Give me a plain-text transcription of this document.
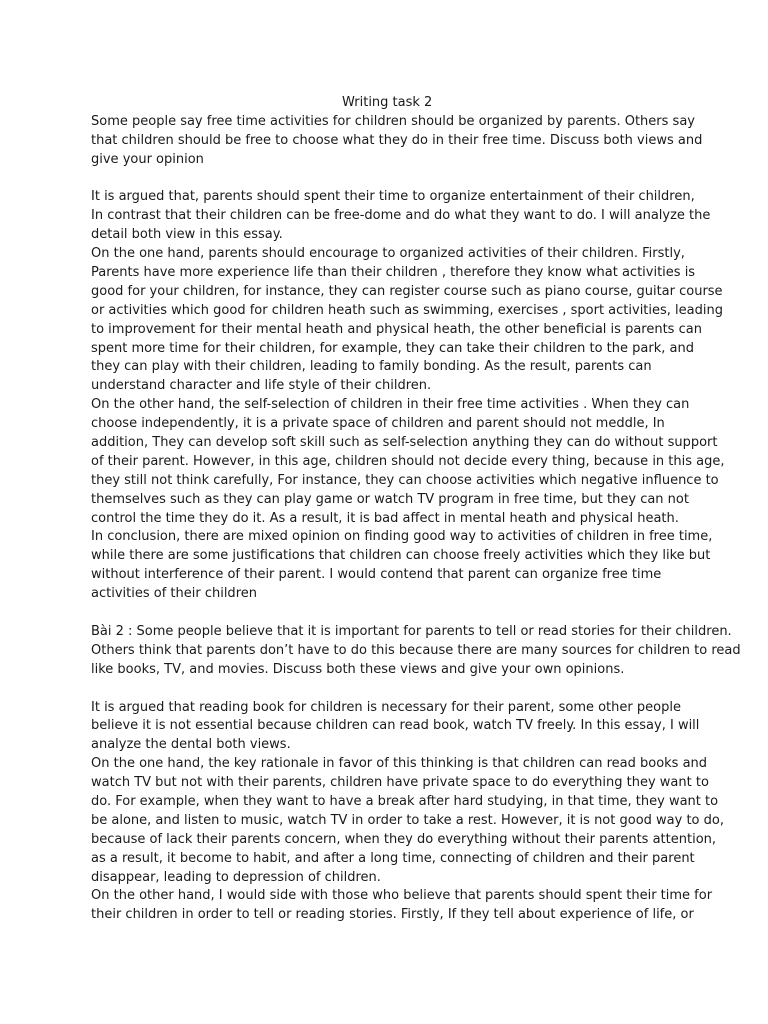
Writing task 2
Some people say free time activities for children should be organized by parents. Others say
that children should be free to choose what they do in their free time. Discuss both views and
give your opinion
It is argued that, parents should spent their time to organize entertainment of their children,
In contrast that their children can be free-dome and do what they want to do. I will analyze the
detail both view in this essay.
On the one hand, parents should encourage to organized activities of their children. Firstly,
Parents have more experience life than their children , therefore they know what activities is
good for your children, for instance, they can register course such as piano course, guitar course
or activities which good for children heath such as swimming, exercises , sport activities, leading
to improvement for their mental heath and physical heath, the other beneficial is parents can
spent more time for their children, for example, they can take their children to the park, and
they can play with their children, leading to family bonding. As the result, parents can
understand character and life style of their children.
On the other hand, the self-selection of children in their free time activities . When they can
choose independently, it is a private space of children and parent should not meddle, In
addition, They can develop soft skill such as self-selection anything they can do without support
of their parent. However, in this age, children should not decide every thing, because in this age,
they still not think carefully, For instance, they can choose activities which negative influence to
themselves such as they can play game or watch TV program in free time, but they can not
control the time they do it. As a result, it is bad affect in mental heath and physical heath.
In conclusion, there are mixed opinion on finding good way to activities of children in free time,
while there are some justifications that children can choose freely activities which they like but
without interference of their parent. I would contend that parent can organize free time
activities of their children
Bài 2 : Some people believe that it is important for parents to tell or read stories for their children.
Others think that parents don’t have to do this because there are many sources for children to read
like books, TV, and movies. Discuss both these views and give your own opinions.
It is argued that reading book for children is necessary for their parent, some other people
believe it is not essential because children can read book, watch TV freely. In this essay, I will
analyze the dental both views.
On the one hand, the key rationale in favor of this thinking is that children can read books and
watch TV but not with their parents, children have private space to do everything they want to
do. For example, when they want to have a break after hard studying, in that time, they want to
be alone, and listen to music, watch TV in order to take a rest. However, it is not good way to do,
because of lack their parents concern, when they do everything without their parents attention,
as a result, it become to habit, and after a long time, connecting of children and their parent
disappear, leading to depression of children.
On the other hand, I would side with those who believe that parents should spent their time for
their children in order to tell or reading stories. Firstly, If they tell about experience of life, or
